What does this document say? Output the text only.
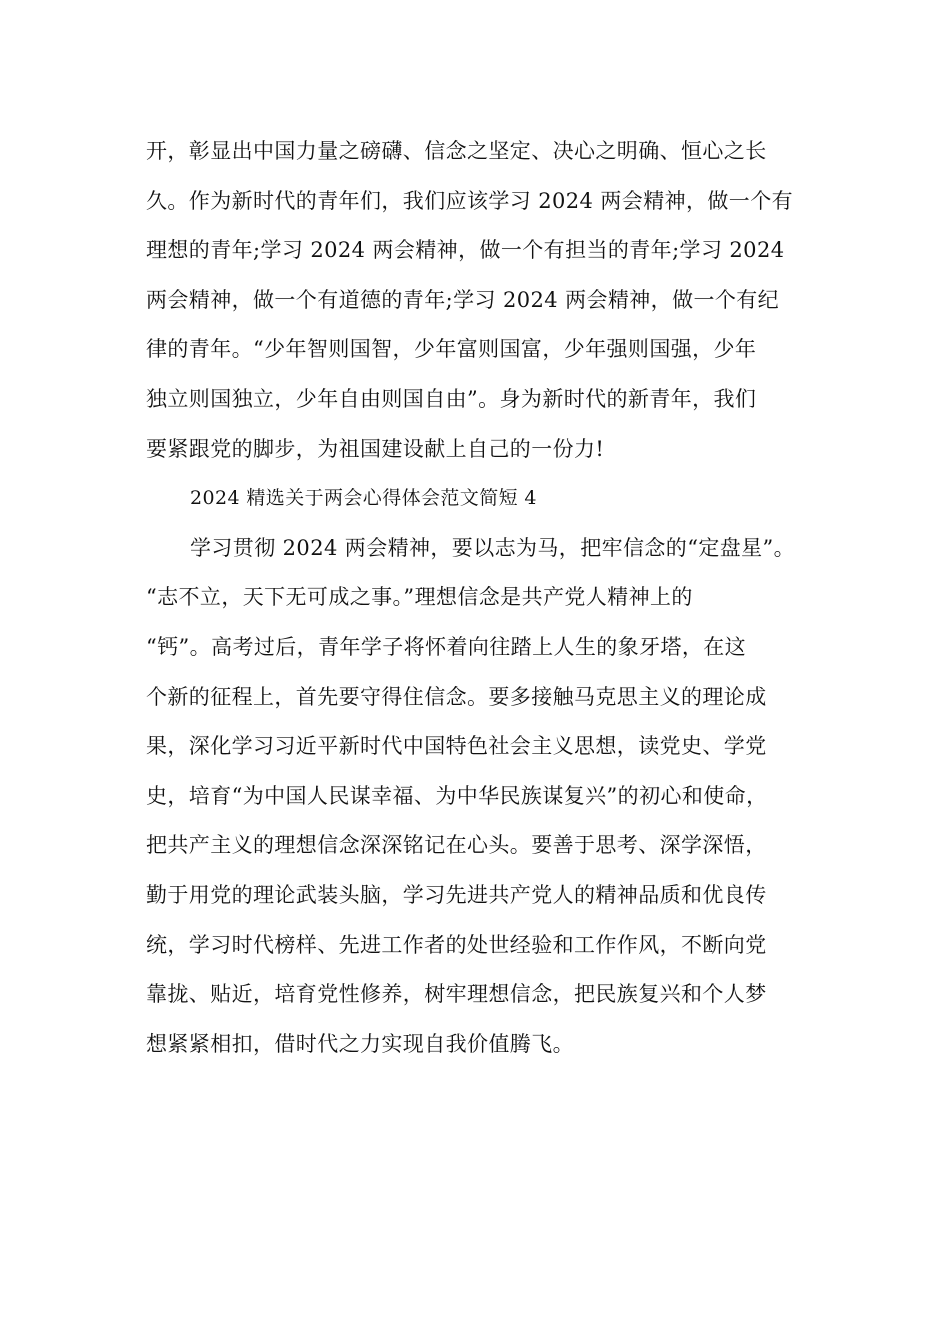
开，彰显出中国力量之磅礴、信念之坚定、决心之明确、恒心之长
久。作为新时代的青年们，我们应该学习 2024 两会精神，做一个有
理想的青年;学习 2024 两会精神，做一个有担当的青年;学习 2024
两会精神，做一个有道德的青年;学习 2024 两会精神，做一个有纪
律的青年。“少年智则国智，少年富则国富，少年强则国强，少年
独立则国独立，少年自由则国自由”。身为新时代的新青年，我们
要紧跟党的脚步，为祖国建设献上自己的一份力!
2024 精选关于两会心得体会范文简短 4
学习贯彻 2024 两会精神，要以志为马，把牢信念的“定盘星”。
“志不立，天下无可成之事。”理想信念是共产党人精神上的
“钙”。高考过后，青年学子将怀着向往踏上人生的象牙塔，在这
个新的征程上，首先要守得住信念。要多接触马克思主义的理论成
果，深化学习习近平新时代中国特色社会主义思想，读党史、学党
史，培育“为中国人民谋幸福、为中华民族谋复兴”的初心和使命，
把共产主义的理想信念深深铭记在心头。要善于思考、深学深悟，
勤于用党的理论武装头脑，学习先进共产党人的精神品质和优良传
统，学习时代榜样、先进工作者的处世经验和工作作风，不断向党
靠拢、贴近，培育党性修养，树牢理想信念，把民族复兴和个人梦
想紧紧相扣，借时代之力实现自我价值腾飞。
